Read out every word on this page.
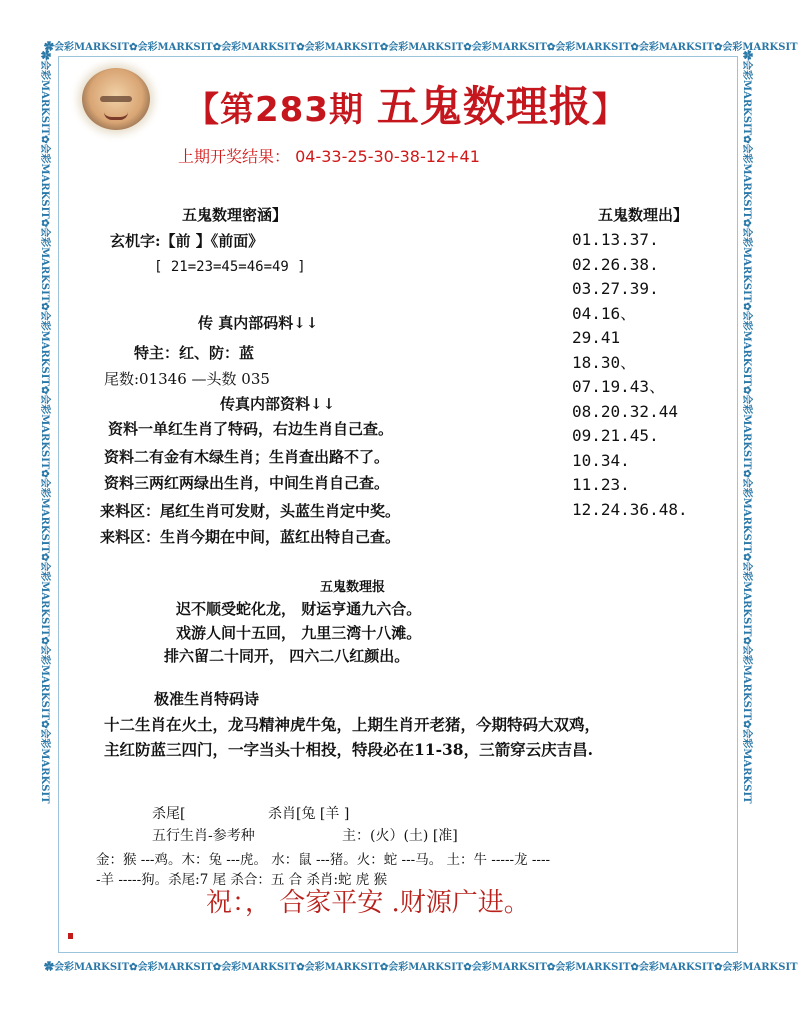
✿会彩MARKSIT✿会彩MARKSIT✿会彩MARKSIT✿会彩MARKSIT✿会彩MARKSIT✿会彩MARKSIT✿会彩MARKSIT✿会彩MARKSIT✿会彩MARKSIT
✿会彩MARKSIT✿会彩MARKSIT✿会彩MARKSIT✿会彩MARKSIT✿会彩MARKSIT✿会彩MARKSIT✿会彩MARKSIT✿会彩MARKSIT✿会彩MARKSIT
✿会彩MARKSIT✿会彩MARKSIT✿会彩MARKSIT✿会彩MARKSIT✿会彩MARKSIT✿会彩MARKSIT✿会彩MARKSIT✿会彩MARKSIT✿会彩MARKSIT	✿会彩MARKSIT✿会彩MARKSIT✿会彩MARKSIT✿会彩MARKSIT✿会彩MARKSIT✿会彩MARKSIT✿会彩MARKSIT✿会彩MARKSIT✿会彩MARKSIT
【第283期 五鬼数理报】
上期开奖结果： 04-33-25-30-38-12+41
五鬼数理密涵】
玄机字:【前 】《前面》
[ 21=23=45=46=49 ]
传 真内部码料↓↓
特主：红、防：蓝
尾数:01346 —头数 035
传真内部资料↓↓
资料一单红生肖了特码，右边生肖自己查。
资料二有金有木绿生肖；生肖查出路不了。
资料三两红两绿出生肖，中间生肖自己查。
来料区：尾红生肖可发财，头蓝生肖定中奖。
来料区：生肖今期在中间，蓝红出特自己查。
五鬼数理出】
01.13.37.
02.26.38.
03.27.39.
04.16、
29.41
18.30、
07.19.43、
08.20.32.44
09.21.45.
10.34.
11.23.
12.24.36.48.
五鬼数理报
迟不顺受蛇化龙， 财运亨通九六合。
戏游人间十五回， 九里三湾十八滩。
排六留二十同开， 四六二八红颜出。
极准生肖特码诗
十二生肖在火土，龙马精神虎牛兔，上期生肖开老猪，今期特码大双鸡，
主红防蓝三四门，一字当头十相投，特段必在11-38，三箭穿云庆吉昌.
杀尾[	杀肖[兔 [羊 ]
五行生肖-参考种	主：(火）(土) [准]
金：猴 ---鸡。木：兔 ---虎。 水：鼠 ---猪。火：蛇 ---马。 土：牛 -----龙 ----
-羊 -----狗。杀尾:7 尾 杀合：五 合 杀肖:蛇 虎 猴
祝：， 合家平安 .财源广进。
